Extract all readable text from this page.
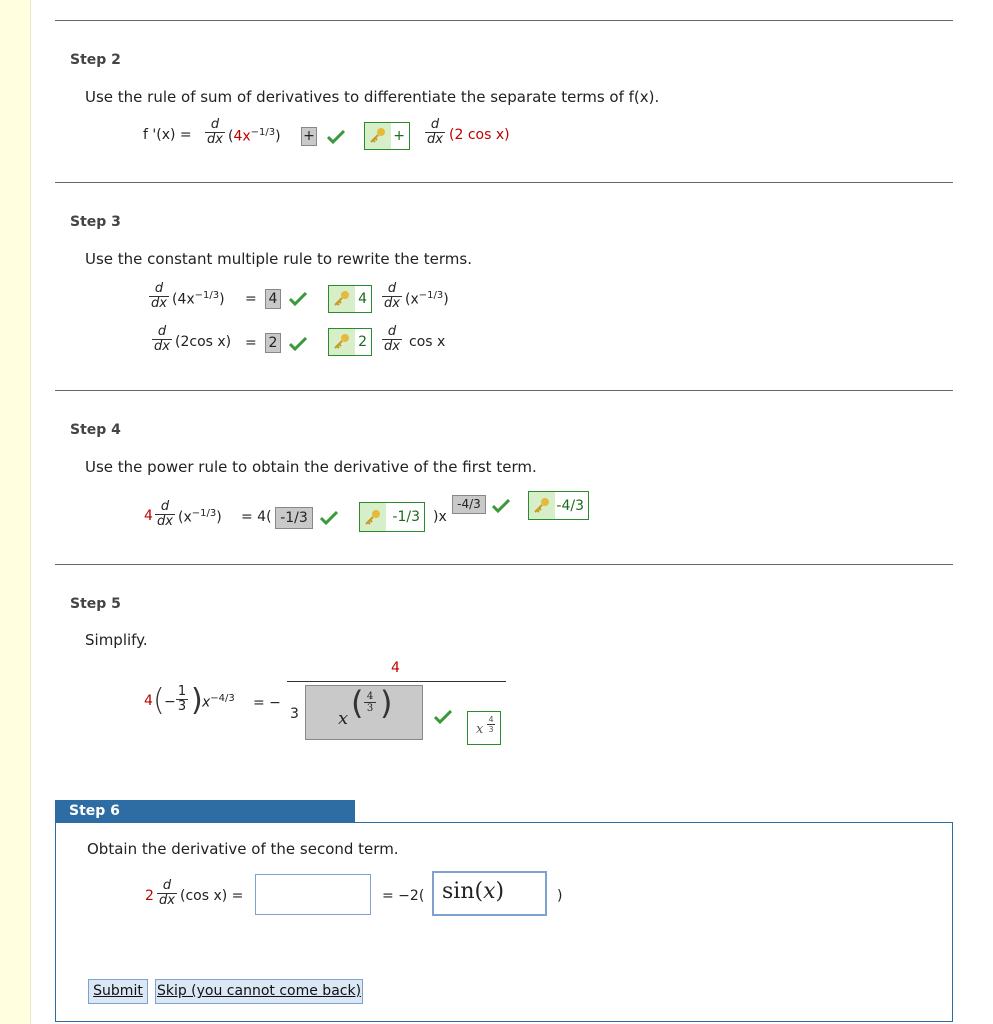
Step 2
Use the rule of sum of derivatives to differentiate the separate terms of f(x).
f '(x) =
d
dx $(4x^{-1/3})$ +	+
d
dx (2 cos x)
Step 3
Use the constant multiple rule to rewrite the terms.
d
dx $(4x^{-1/3}) = 4$	4
d
dx $(x^{-1/3})$
d
dx (2cos x) = 2	2
d
dx cos x
Step 4
Use the power rule to obtain the derivative of the first term.
4
d
dx $(x^{-1/3}) = 4$( -1/3	-1/3 )x
-4/3	-4/3
Step 5
Simplify.
4 ( −
1
3 ) $x^{-4/3}$ = −
4
3 x ( 4
3 )
x
4
3
Step 6
Obtain the derivative of the second term.
2
d
dx (cos x) =	= −2( sin(x)	)
Submit	Skip (you cannot come back)
